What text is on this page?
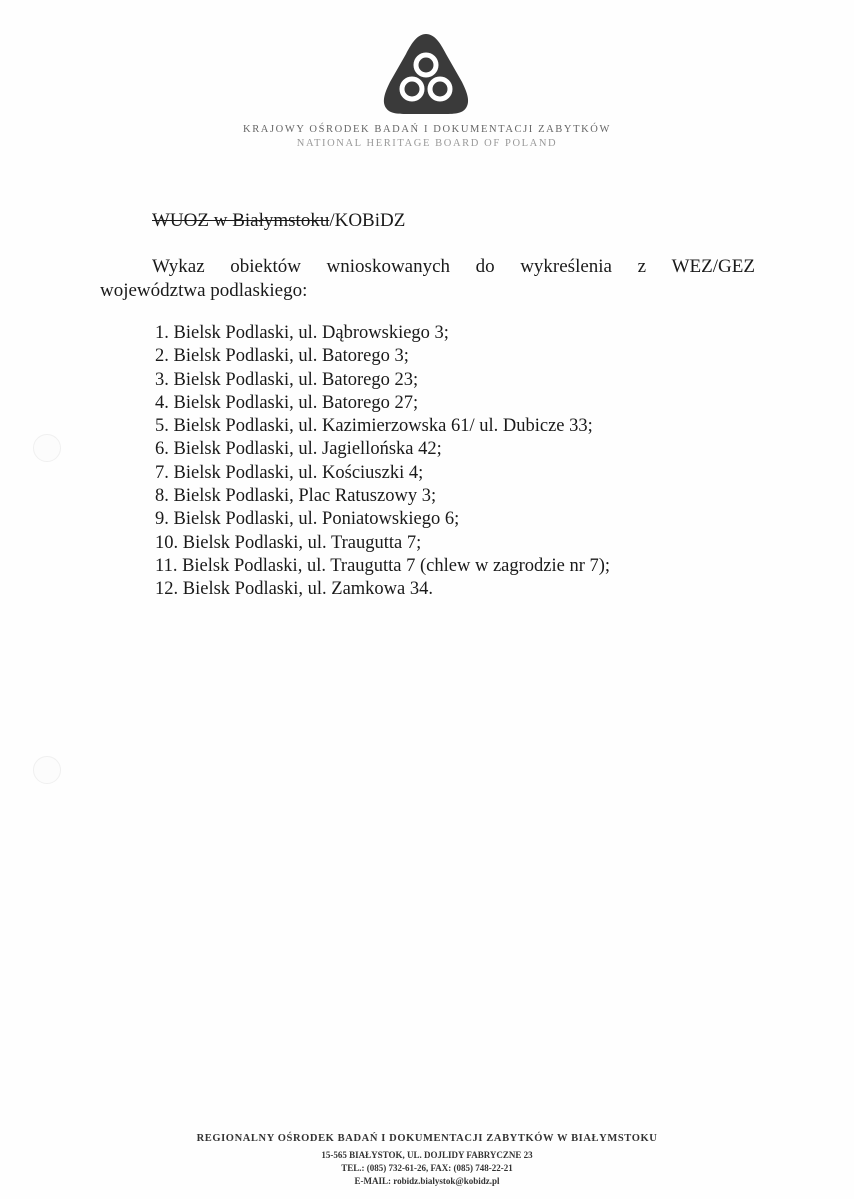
KRAJOWY OŚRODEK BADAŃ I DOKUMENTACJI ZABYTKÓW
NATIONAL HERITAGE BOARD OF POLAND
WUOZ w Białymstoku/KOBiDZ
Wykaz obiektów wnioskowanych do wykreślenia z WEZ/GEZ
województwa podlaskiego:
1. Bielsk Podlaski, ul. Dąbrowskiego 3;
2. Bielsk Podlaski, ul. Batorego 3;
3. Bielsk Podlaski, ul. Batorego 23;
4. Bielsk Podlaski, ul. Batorego 27;
5. Bielsk Podlaski, ul. Kazimierzowska 61/ ul. Dubicze 33;
6. Bielsk Podlaski, ul. Jagiellońska 42;
7. Bielsk Podlaski, ul. Kościuszki 4;
8. Bielsk Podlaski, Plac Ratuszowy 3;
9. Bielsk Podlaski, ul. Poniatowskiego 6;
10. Bielsk Podlaski, ul. Traugutta 7;
11. Bielsk Podlaski, ul. Traugutta 7 (chlew w zagrodzie nr 7);
12. Bielsk Podlaski, ul. Zamkowa 34.
REGIONALNY OŚRODEK BADAŃ I DOKUMENTACJI ZABYTKÓW W BIAŁYMSTOKU
15-565 BIAŁYSTOK, UL. DOJLIDY FABRYCZNE 23
TEL.: (085) 732-61-26, FAX: (085) 748-22-21
E-MAIL: robidz.bialystok@kobidz.pl
